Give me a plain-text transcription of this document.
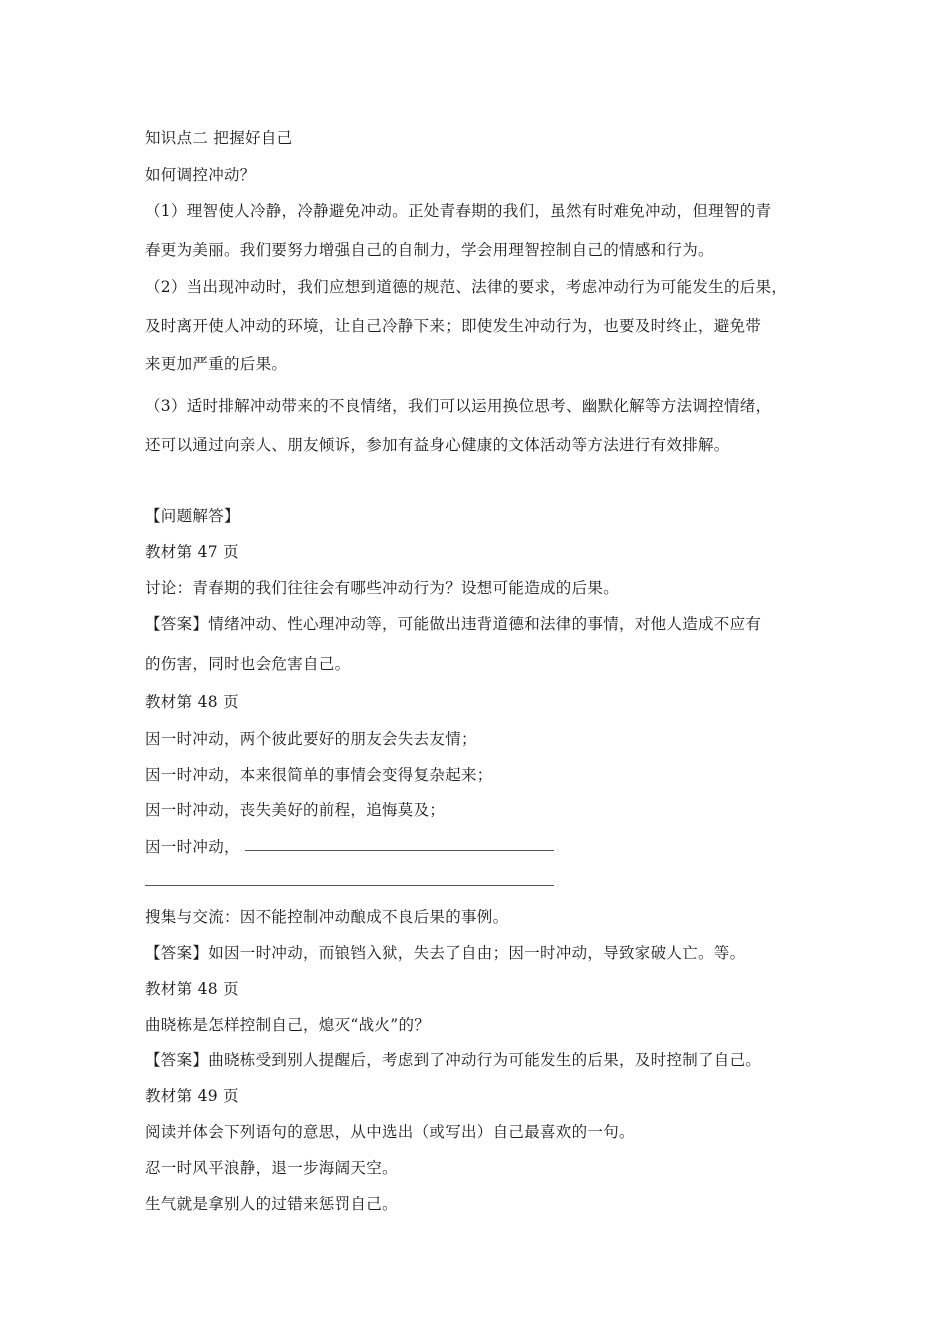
知识点二 把握好自己
如何调控冲动？
（1）理智使人冷静，冷静避免冲动。正处青春期的我们，虽然有时难免冲动，但理智的青
春更为美丽。我们要努力增强自己的自制力，学会用理智控制自己的情感和行为。
（2）当出现冲动时，我们应想到道德的规范、法律的要求，考虑冲动行为可能发生的后果，
及时离开使人冲动的环境，让自己冷静下来；即使发生冲动行为，也要及时终止，避免带
来更加严重的后果。
（3）适时排解冲动带来的不良情绪，我们可以运用换位思考、幽默化解等方法调控情绪，
还可以通过向亲人、朋友倾诉，参加有益身心健康的文体活动等方法进行有效排解。
【问题解答】
教材第 47 页
讨论：青春期的我们往往会有哪些冲动行为？设想可能造成的后果。
【答案】情绪冲动、性心理冲动等，可能做出违背道德和法律的事情，对他人造成不应有
的伤害，同时也会危害自己。
教材第 48 页
因一时冲动，两个彼此要好的朋友会失去友情；
因一时冲动，本来很简单的事情会变得复杂起来；
因一时冲动，丧失美好的前程，追悔莫及；
因一时冲动，
搜集与交流：因不能控制冲动酿成不良后果的事例。
【答案】如因一时冲动，而锒铛入狱，失去了自由；因一时冲动，导致家破人亡。等。
教材第 48 页
曲晓栋是怎样控制自己，熄灭“战火”的？
【答案】曲晓栋受到别人提醒后，考虑到了冲动行为可能发生的后果，及时控制了自己。
教材第 49 页
阅读并体会下列语句的意思，从中选出（或写出）自己最喜欢的一句。
忍一时风平浪静，退一步海阔天空。
生气就是拿别人的过错来惩罚自己。
